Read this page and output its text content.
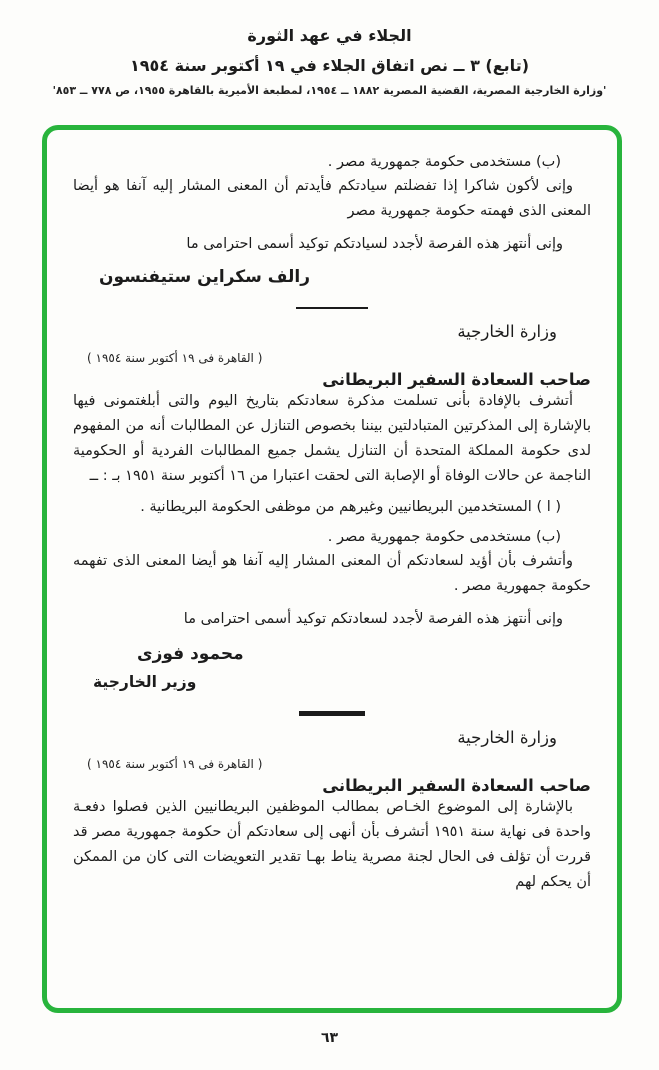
الجلاء في عهد الثورة
(تابع) ٣ ــ نص اتفاق الجلاء في ١٩ أكتوبر سنة ١٩٥٤
'وزارة الخارجية المصرية، القضية المصرية ١٨٨٢ ــ ١٩٥٤، لمطبعة الأميرية بالقاهرة ١٩٥٥، ص ٧٧٨ ــ ٨٥٣'
(ب) مستخدمى حكومة جمهورية مصر .

وإنى لأكون شاكرا إذا تفضلتم سيادتكم فأيدتم أن المعنى المشار إليه آنفا هو أيضا المعنى الذى فهمته حكومة جمهورية مصر

وإنى أنتهز هذه الفرصة لأجدد لسيادتكم توكيد أسمى احترامى ما
رالف سكراين ستيفنسون
وزارة الخارجية
( القاهرة فى ١٩ أكتوبر سنة ١٩٥٤ )
صاحب السعادة السفير البريطانى

أتشرف بالإفادة بأنى تسلمت مذكرة سعادتكم بتاريخ اليوم والتى أبلغتمونى فيها بالإشارة إلى المذكرتين المتبادلتين بيننا بخصوص التنازل عن المطالبات أنه من المفهوم لدى حكومة المملكة المتحدة أن التنازل يشمل جميع المطالبات الفردية أو الحكومية الناجمة عن حالات الوفاة أو الإصابة التى لحقت اعتبارا من ١٦ أكتوبر سنة ١٩٥١ بـ : ــ

( ا ) المستخدمين البريطانيين وغيرهم من موظفى الحكومة البريطانية .
(ب) مستخدمى حكومة جمهورية مصر .

وأتشرف بأن أؤيد لسعادتكم أن المعنى المشار إليه آنفا هو أيضا المعنى الذى تفهمه حكومة جمهورية مصر .

وإنى أنتهز هذه الفرصة لأجدد لسعادتكم توكيد أسمى احترامى ما
محمود فوزى
وزير الخارجية
وزارة الخارجية
( القاهرة فى ١٩ أكتوبر سنة ١٩٥٤ )
صاحب السعادة السفير البريطانى

بالإشارة إلى الموضوع الخـاص بمطالب الموظفين البريطانيين الذين فصلوا دفعـة واحدة فى نهاية سنة ١٩٥١ أتشرف بأن أنهى إلى سعادتكم أن حكومة جمهورية مصر قد قررت أن تؤلف فى الحال لجنة مصرية يناط بهـا تقدير التعويضات التى كان من الممكن أن يحكم لهم

٦٣
